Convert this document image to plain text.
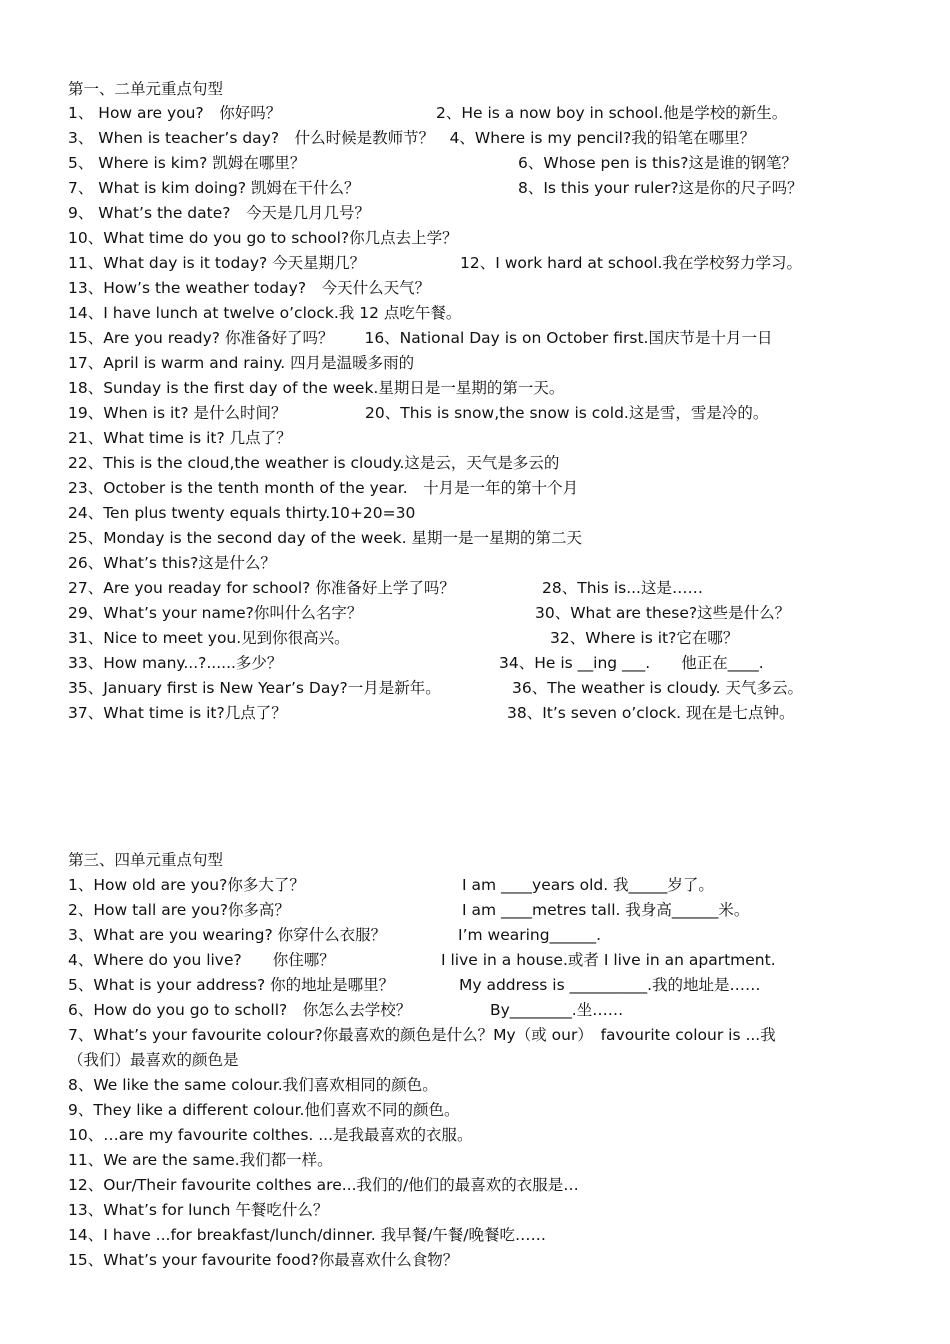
第一、二单元重点句型
1、 How are you?　你好吗？	2、He is a now boy in school.他是学校的新生。
3、 When is teacher’s day?　什么时候是教师节？　4、Where is my pencil?我的铅笔在哪里？
5、 Where is kim? 凯姆在哪里？	6、Whose pen is this?这是谁的钢笔？
7、 What is kim doing? 凯姆在干什么？	8、Is this your ruler?这是你的尺子吗？
9、 What’s the date?　今天是几月几号？
10、What time do you go to school?你几点去上学？
11、What day is it today? 今天星期几？	12、I work hard at school.我在学校努力学习。
13、How’s the weather today?　今天什么天气？
14、I have lunch at twelve o’clock.我 12 点吃午餐。
15、Are you ready? 你准备好了吗？　　16、National Day is on October first.国庆节是十月一日
17、April is warm and rainy. 四月是温暖多雨的
18、Sunday is the first day of the week.星期日是一星期的第一天。
19、When is it? 是什么时间？	20、This is snow,the snow is cold.这是雪，雪是冷的。
21、What time is it? 几点了？
22、This is the cloud,the weather is cloudy.这是云，天气是多云的
23、October is the tenth month of the year.　十月是一年的第十个月
24、Ten plus twenty equals thirty.10+20=30
25、Monday is the second day of the week. 星期一是一星期的第二天
26、What’s this?这是什么？
27、Are you readay for school? 你准备好上学了吗？	28、This is...这是……
29、What’s your name?你叫什么名字？	30、What are these?这些是什么？
31、Nice to meet you.见到你很高兴。	32、Where is it?它在哪？
33、How many...?......多少？	34、He is __ing ___.　　他正在____.
35、January first is New Year’s Day?一月是新年。	36、The weather is cloudy. 天气多云。
37、What time is it?几点了？	38、It’s seven o’clock. 现在是七点钟。
第三、四单元重点句型
1、How old are you?你多大了？	I am ____years old. 我_____岁了。
2、How tall are you?你多高？	I am ____metres tall. 我身高______米。
3、What are you wearing? 你穿什么衣服？	I’m wearing______.
4、Where do you live?　　你住哪？	I live in a house.或者 I live in an apartment.
5、What is your address? 你的地址是哪里？	My address is __________.我的地址是……
6、How do you go to scholl?　你怎么去学校？	By________.坐……
7、What’s your favourite colour?你最喜欢的颜色是什么？My（或 our）　favourite colour is ...我
（我们）最喜欢的颜色是
8、We like the same colour.我们喜欢相同的颜色。
9、They like a different colour.他们喜欢不同的颜色。
10、…are my favourite colthes. ...是我最喜欢的衣服。
11、We are the same.我们都一样。
12、Our/Their favourite colthes are...我们的/他们的最喜欢的衣服是…
13、What’s for lunch 午餐吃什么？
14、I have ...for breakfast/lunch/dinner. 我早餐/午餐/晚餐吃……
15、What’s your favourite food?你最喜欢什么食物？
